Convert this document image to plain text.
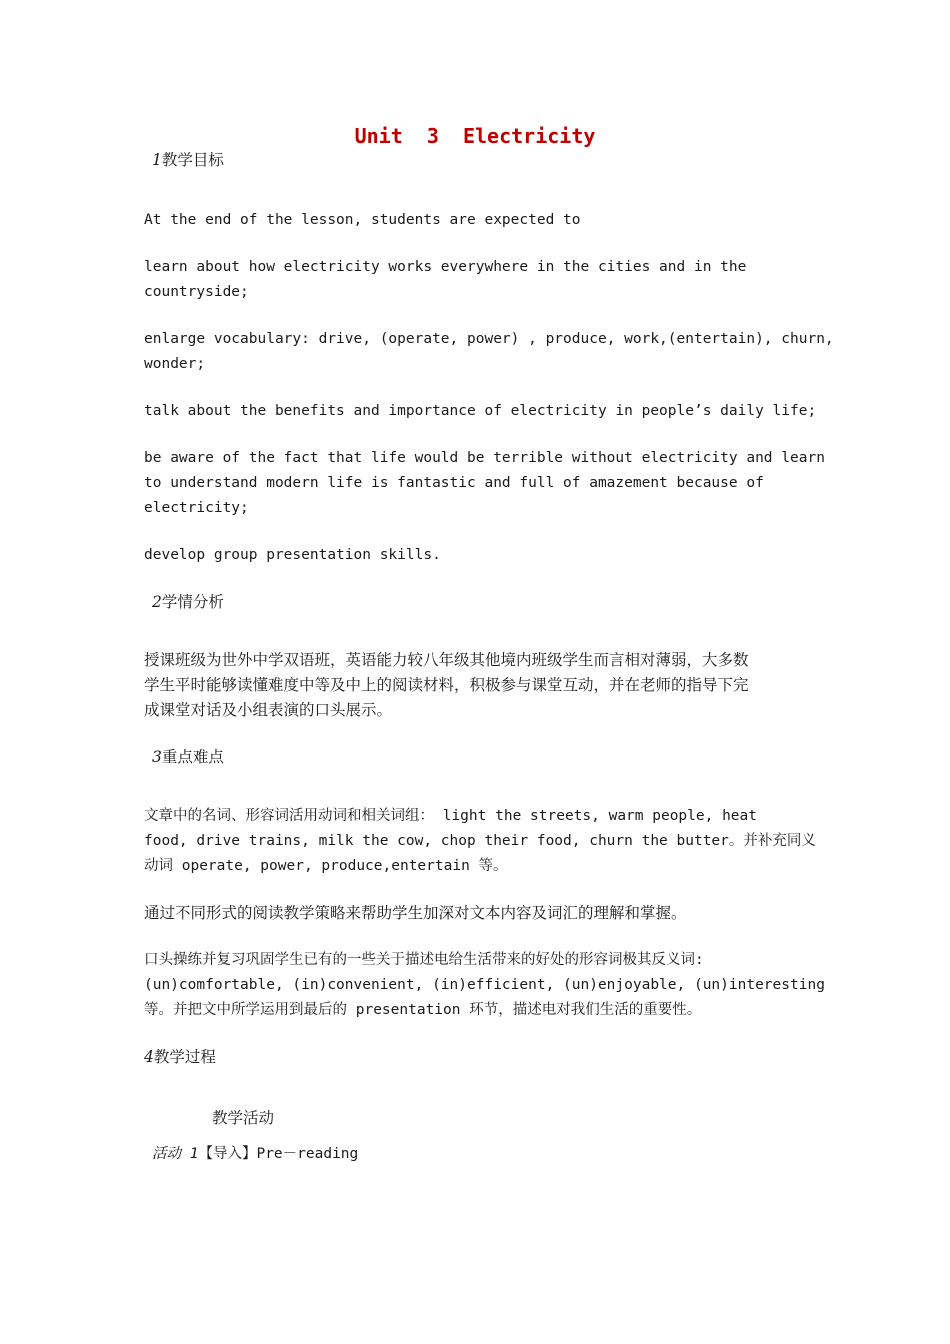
Unit  3  Electricity

1教学目标

At the end of the lesson, students are expected to

learn about how electricity works everywhere in the cities and in the

countryside;

enlarge vocabulary: drive, (operate, power) , produce, work,(entertain), churn,

wonder;

talk about the benefits and importance of electricity in people’s daily life;

be aware of the fact that life would be terrible without electricity and learn

to understand modern life is fantastic and full of amazement because of

electricity;

develop group presentation skills.

2学情分析

授课班级为世外中学双语班，英语能力较八年级其他境内班级学生而言相对薄弱，大多数

学生平时能够读懂难度中等及中上的阅读材料，积极参与课堂互动，并在老师的指导下完

成课堂对话及小组表演的口头展示。

3重点难点

文章中的名词、形容词活用动词和相关词组： light the streets, warm people, heat

food, drive trains, milk the cow, chop their food, churn the butter。并补充同义

动词 operate, power, produce,entertain 等。

通过不同形式的阅读教学策略来帮助学生加深对文本内容及词汇的理解和掌握。

口头操练并复习巩固学生已有的一些关于描述电给生活带来的好处的形容词极其反义词:

(un)comfortable, (in)convenient, (in)efficient, (un)enjoyable, (un)interesting

等。并把文中所学运用到最后的 presentation 环节，描述电对我们生活的重要性。

4教学过程

教学活动

活动 1【导入】Pre－reading
